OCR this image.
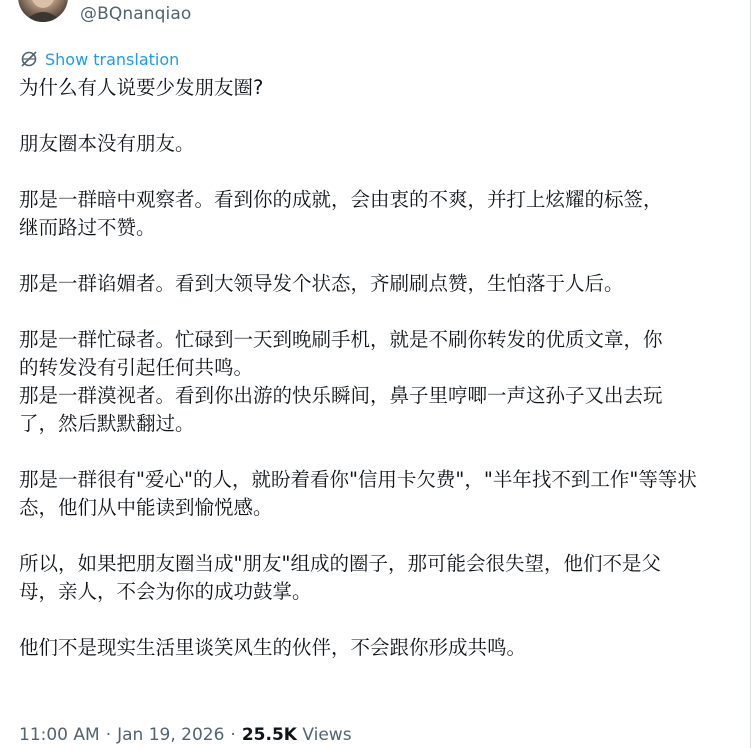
@BQnanqiao
Show translation

为什么有人说要少发朋友圈?

朋友圈本没有朋友。

那是一群暗中观察者。看到你的成就，会由衷的不爽，并打上炫耀的标签，

继而路过不赞。

那是一群谄媚者。看到大领导发个状态，齐刷刷点赞，生怕落于人后。

那是一群忙碌者。忙碌到一天到晚刷手机，就是不刷你转发的优质文章，你

的转发没有引起任何共鸣。

那是一群漠视者。看到你出游的快乐瞬间，鼻子里哼唧一声这孙子又出去玩

了，然后默默翻过。

那是一群很有"爱心"的人，就盼着看你"信用卡欠费"，"半年找不到工作"等等状

态，他们从中能读到愉悦感。

所以，如果把朋友圈当成"朋友"组成的圈子，那可能会很失望，他们不是父

母，亲人，不会为你的成功鼓掌。

他们不是现实生活里谈笑风生的伙伴，不会跟你形成共鸣。

11:00 AM · Jan 19, 2026 · 25.5K Views
